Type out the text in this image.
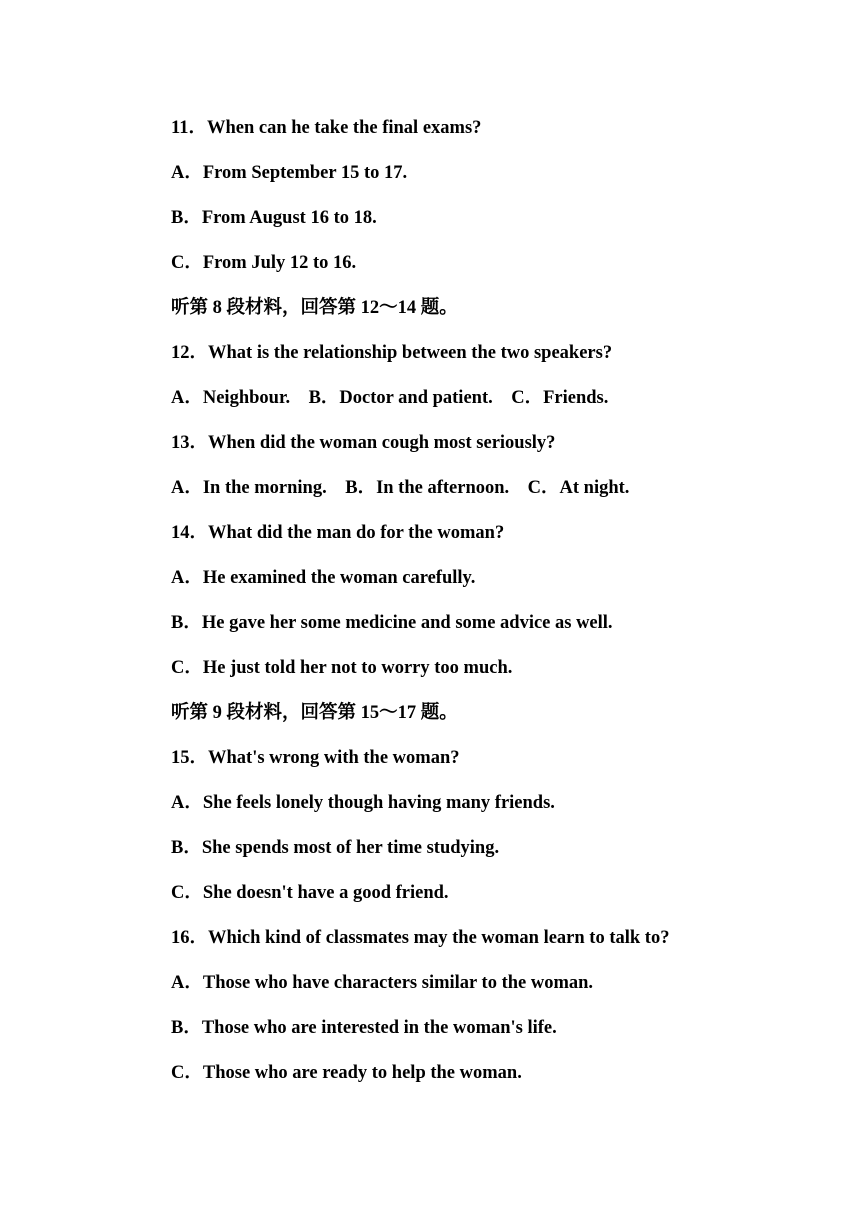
11．When can he take the final exams?

A．From September 15 to 17.

B．From August 16 to 18.

C．From July 12 to 16.

听第 8 段材料，回答第 12～14 题。

12．What is the relationship between the two speakers?

A．Neighbour.　B．Doctor and patient.　C．Friends.

13．When did the woman cough most seriously?

A．In the morning.　B．In the afternoon.　C．At night.

14．What did the man do for the woman?

A．He examined the woman carefully.

B．He gave her some medicine and some advice as well.

C．He just told her not to worry too much.

听第 9 段材料，回答第 15～17 题。

15．What's wrong with the woman?

A．She feels lonely though having many friends.

B．She spends most of her time studying.

C．She doesn't have a good friend.

16．Which kind of classmates may the woman learn to talk to?

A．Those who have characters similar to the woman.

B．Those who are interested in the woman's life.

C．Those who are ready to help the woman.
